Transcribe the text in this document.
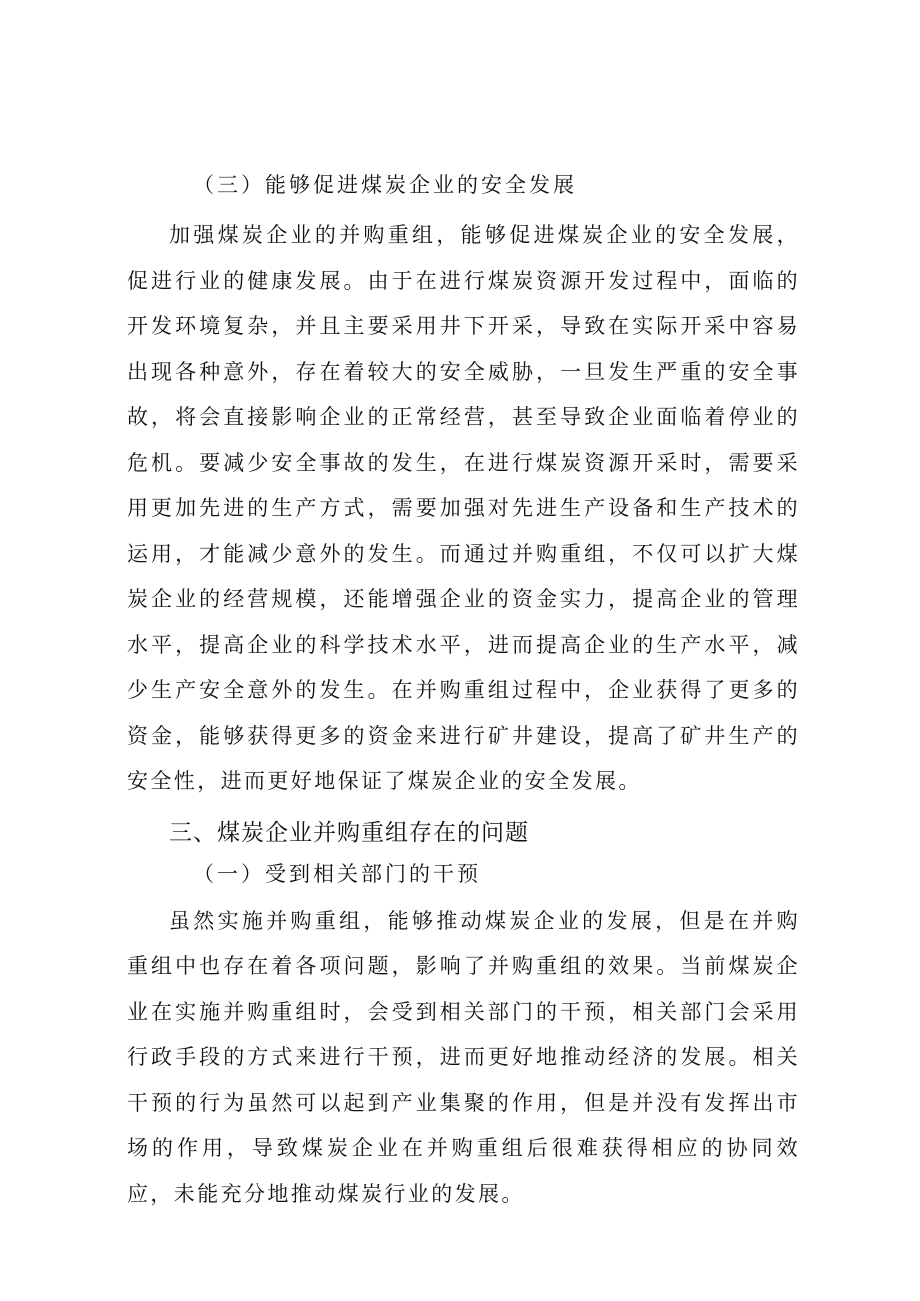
（三）能够促进煤炭企业的安全发展

加强煤炭企业的并购重组，能够促进煤炭企业的安全发展，促进行业的健康发展。由于在进行煤炭资源开发过程中，面临的开发环境复杂，并且主要采用井下开采，导致在实际开采中容易出现各种意外，存在着较大的安全威胁，一旦发生严重的安全事故，将会直接影响企业的正常经营，甚至导致企业面临着停业的危机。要减少安全事故的发生，在进行煤炭资源开采时，需要采用更加先进的生产方式，需要加强对先进生产设备和生产技术的运用，才能减少意外的发生。而通过并购重组，不仅可以扩大煤炭企业的经营规模，还能增强企业的资金实力，提高企业的管理水平，提高企业的科学技术水平，进而提高企业的生产水平，减少生产安全意外的发生。在并购重组过程中，企业获得了更多的资金，能够获得更多的资金来进行矿井建设，提高了矿井生产的安全性，进而更好地保证了煤炭企业的安全发展。

三、煤炭企业并购重组存在的问题
（一）受到相关部门的干预

虽然实施并购重组，能够推动煤炭企业的发展，但是在并购重组中也存在着各项问题，影响了并购重组的效果。当前煤炭企业在实施并购重组时，会受到相关部门的干预，相关部门会采用行政手段的方式来进行干预，进而更好地推动经济的发展。相关干预的行为虽然可以起到产业集聚的作用，但是并没有发挥出市场的作用，导致煤炭企业在并购重组后很难获得相应的协同效应，未能充分地推动煤炭行业的发展。
